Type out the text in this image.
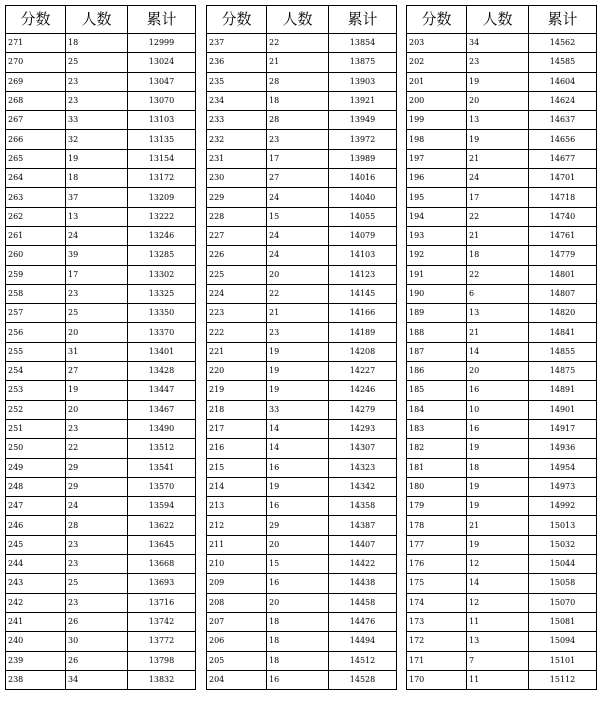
分数	人数	累计
271	18	12999
270	25	13024
269	23	13047
268	23	13070
267	33	13103
266	32	13135
265	19	13154
264	18	13172
263	37	13209
262	13	13222
261	24	13246
260	39	13285
259	17	13302
258	23	13325
257	25	13350
256	20	13370
255	31	13401
254	27	13428
253	19	13447
252	20	13467
251	23	13490
250	22	13512
249	29	13541
248	29	13570
247	24	13594
246	28	13622
245	23	13645
244	23	13668
243	25	13693
242	23	13716
241	26	13742
240	30	13772
239	26	13798
238	34	13832
分数	人数	累计
237	22	13854
236	21	13875
235	28	13903
234	18	13921
233	28	13949
232	23	13972
231	17	13989
230	27	14016
229	24	14040
228	15	14055
227	24	14079
226	24	14103
225	20	14123
224	22	14145
223	21	14166
222	23	14189
221	19	14208
220	19	14227
219	19	14246
218	33	14279
217	14	14293
216	14	14307
215	16	14323
214	19	14342
213	16	14358
212	29	14387
211	20	14407
210	15	14422
209	16	14438
208	20	14458
207	18	14476
206	18	14494
205	18	14512
204	16	14528
分数	人数	累计
203	34	14562
202	23	14585
201	19	14604
200	20	14624
199	13	14637
198	19	14656
197	21	14677
196	24	14701
195	17	14718
194	22	14740
193	21	14761
192	18	14779
191	22	14801
190	6	14807
189	13	14820
188	21	14841
187	14	14855
186	20	14875
185	16	14891
184	10	14901
183	16	14917
182	19	14936
181	18	14954
180	19	14973
179	19	14992
178	21	15013
177	19	15032
176	12	15044
175	14	15058
174	12	15070
173	11	15081
172	13	15094
171	7	15101
170	11	15112
